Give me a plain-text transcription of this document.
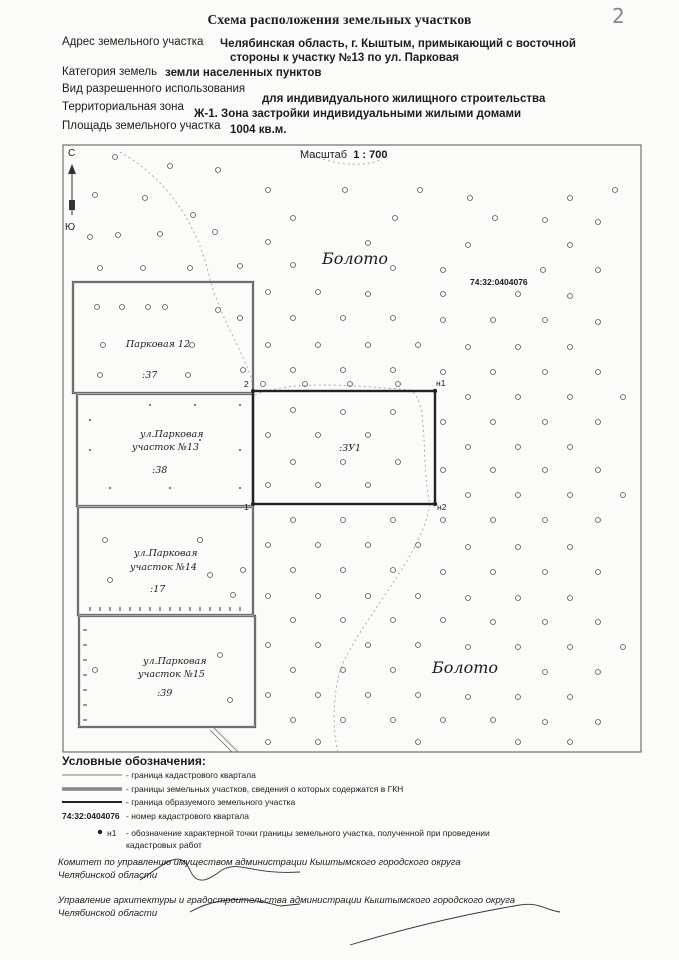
2
Схема расположения земельных участков
Адрес земельного участка Челябинская область, г. Кыштым, примыкающий с восточной
стороны к участку №13 по ул. Парковая
Категория земель земли населенных пунктов
Вид разрешенного использования
для индивидуального жилищного строительства
Территориальная зона
Ж-1. Зона застройки индивидуальными жилыми домами
Площадь земельного участка 1004 кв.м.
Масштаб 1 : 700
С
Ю
Болото
Болото
74:32:0404076
Парковая 12
:37
ул.Парковая
участок №13
:38
ул.Парковая
участок №14
:17
ул.Парковая
участок №15
:39
:ЗУ1
н1
н2
1
2
Условные обозначения:
- граница кадастрового квартала
- границы земельных участков, сведения о которых содержатся в ГКН
- граница образуемого земельного участка
74:32:0404076 - номер кадастрового квартала
н1 - обозначение характерной точки границы земельного участка, полученной при проведении
кадастровых работ
Комитет по управлению имуществом администрации Кыштымского городского округа
Челябинской области
Управление архитектуры и градостроительства администрации Кыштымского городского округа
Челябинской области
